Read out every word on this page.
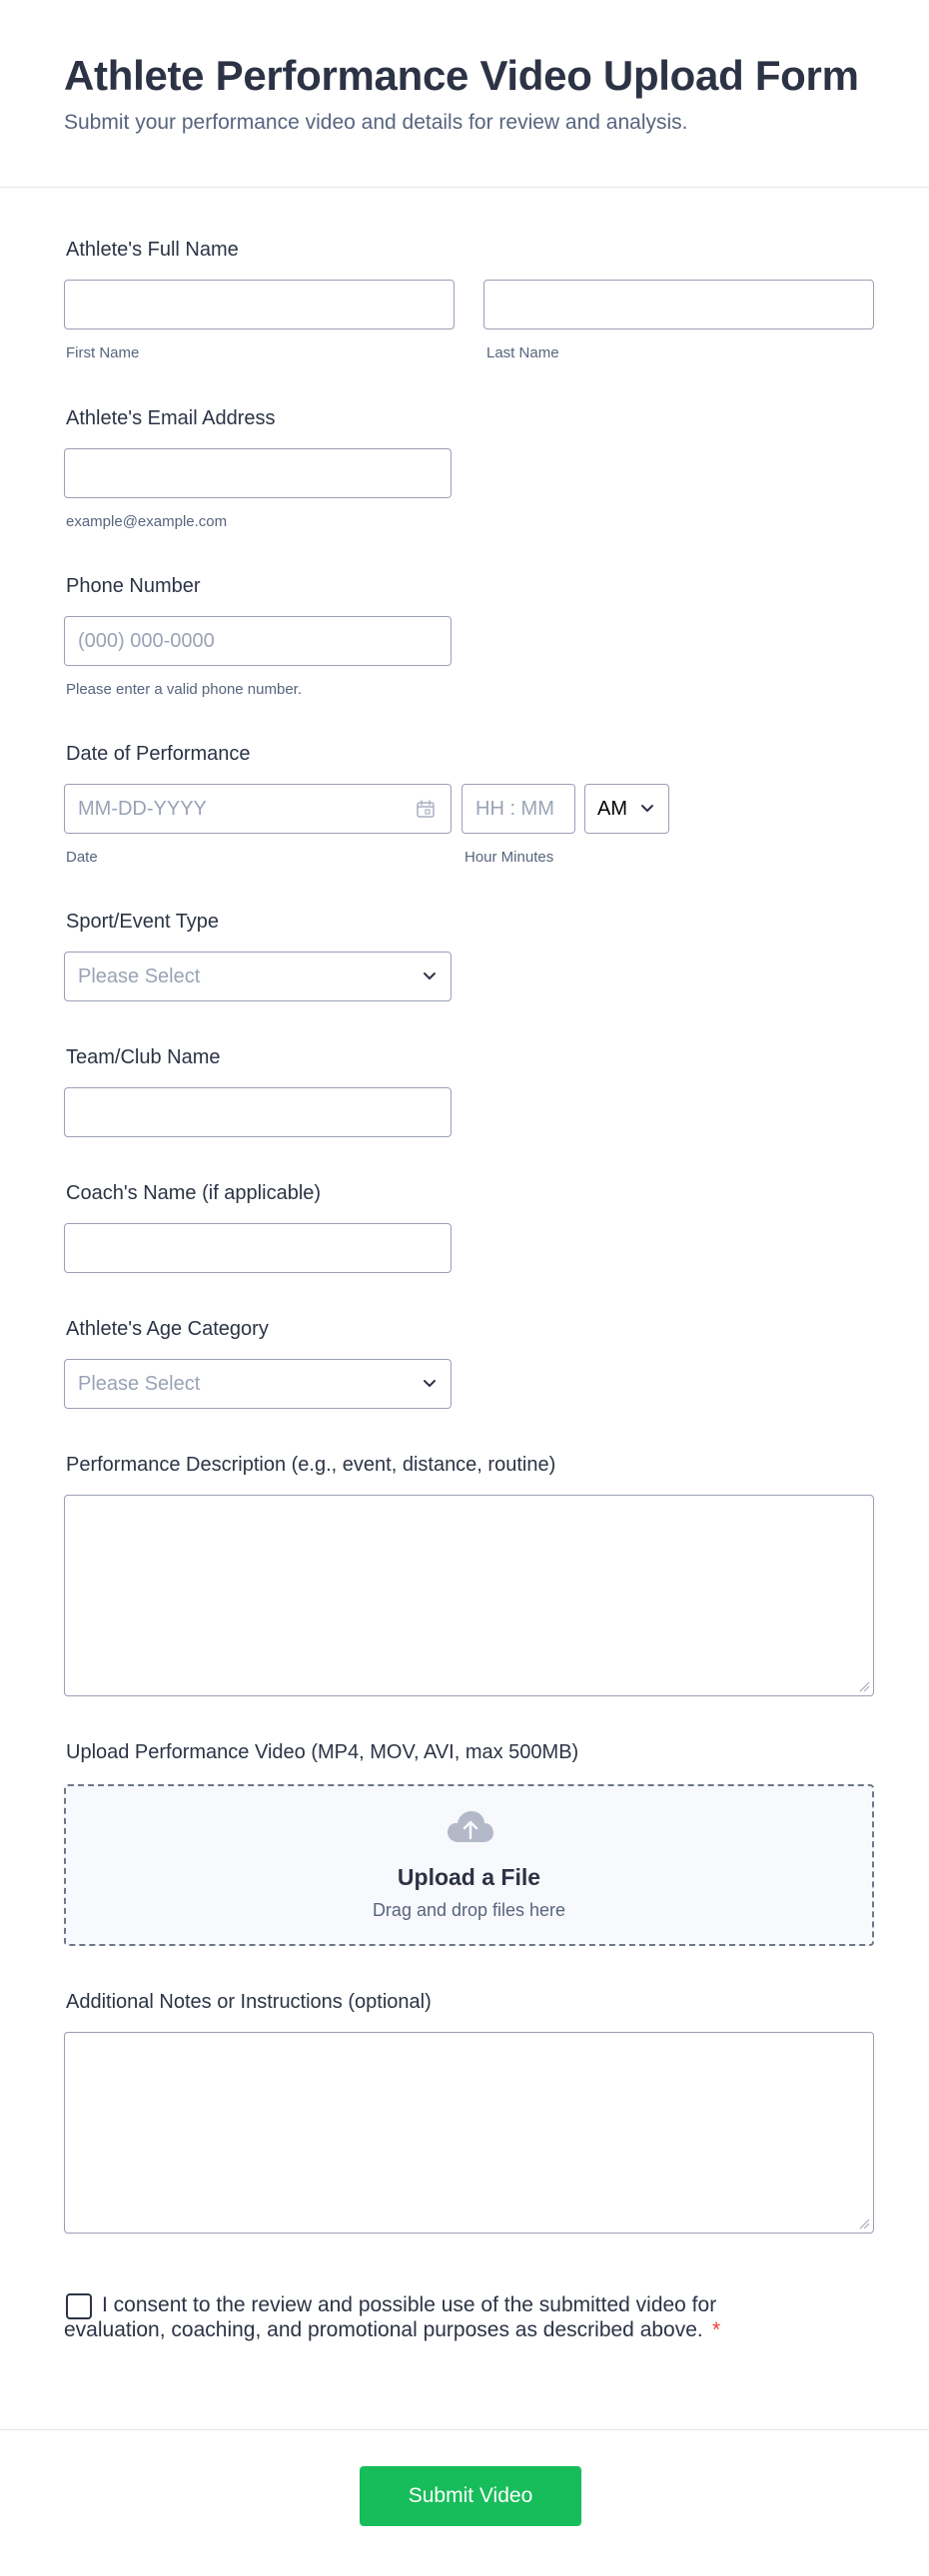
Athlete Performance Video Upload Form
Submit your performance video and details for review and analysis.
Athlete's Full Name
First Name	Last Name
Athlete's Email Address
example@example.com
Phone Number
(000) 000-0000
Please enter a valid phone number.
Date of Performance
MM-DD-YYYY	HH : MM AM
Date	Hour Minutes
Sport/Event Type
Please Select
Team/Club Name
Coach's Name (if applicable)
Athlete's Age Category
Please Select
Performance Description (e.g., event, distance, routine)
Upload Performance Video (MP4, MOV, AVI, max 500MB)
Upload a File
Drag and drop files here
Additional Notes or Instructions (optional)
I consent to the review and possible use of the submitted video for
evaluation, coaching, and promotional purposes as described above. *
Submit Video
